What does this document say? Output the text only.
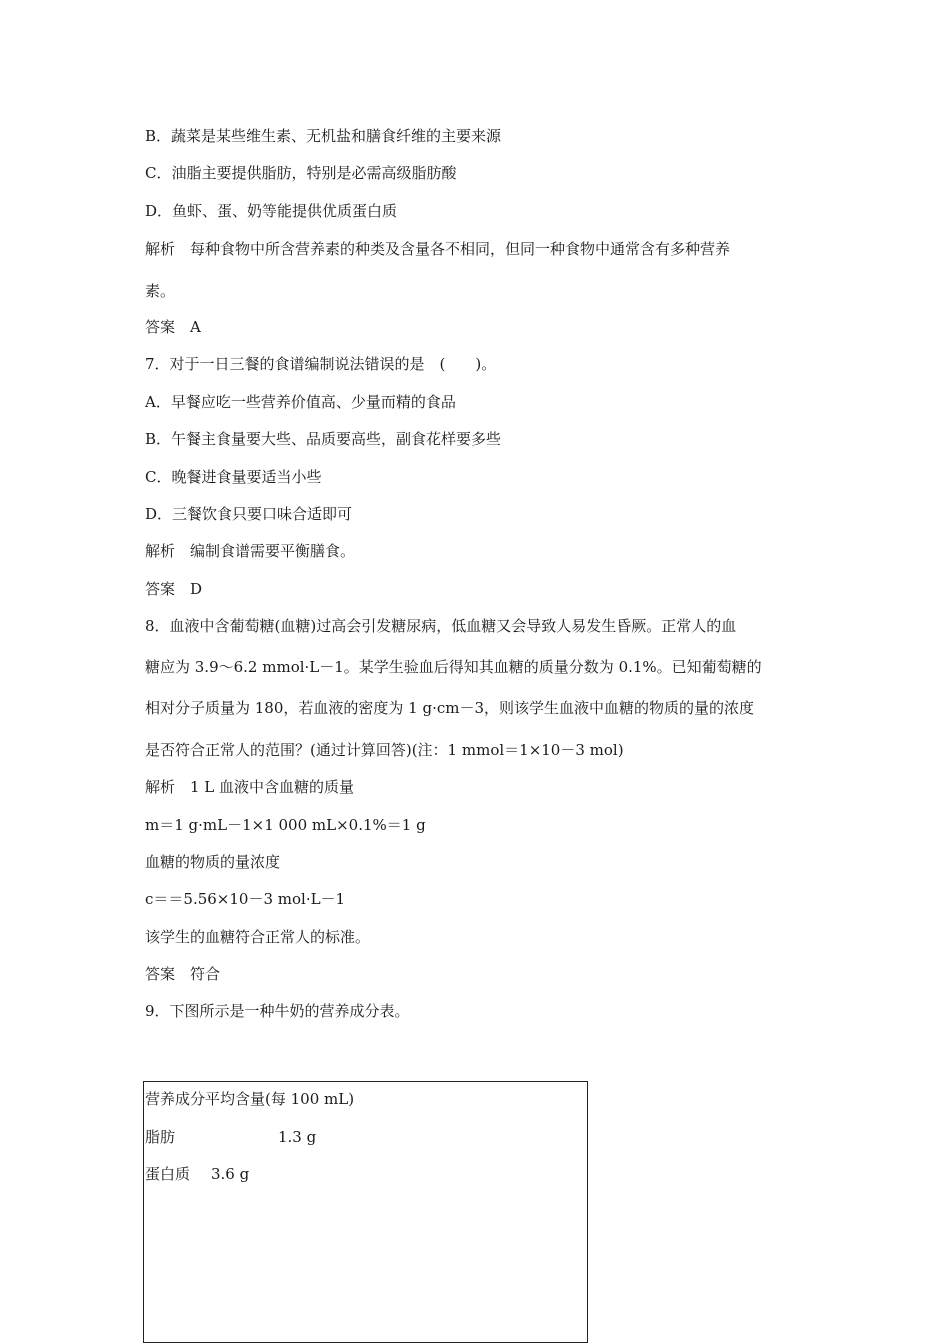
B．蔬菜是某些维生素、无机盐和膳食纤维的主要来源
C．油脂主要提供脂肪，特别是必需高级脂肪酸
D．鱼虾、蛋、奶等能提供优质蛋白质
解析　每种食物中所含营养素的种类及含量各不相同，但同一种食物中通常含有多种营养
素。
答案　A
7．对于一日三餐的食谱编制说法错误的是　(　　)。
A．早餐应吃一些营养价值高、少量而精的食品
B．午餐主食量要大些、品质要高些，副食花样要多些
C．晚餐进食量要适当小些
D．三餐饮食只要口味合适即可
解析　编制食谱需要平衡膳食。
答案　D
8．血液中含葡萄糖(血糖)过高会引发糖尿病，低血糖又会导致人易发生昏厥。正常人的血
糖应为 3.9～6.2 mmol·L－1。某学生验血后得知其血糖的质量分数为 0.1%。已知葡萄糖的
相对分子质量为 180，若血液的密度为 1 g·cm－3，则该学生血液中血糖的物质的量的浓度
是否符合正常人的范围？(通过计算回答)(注：1 mmol＝1×10－3 mol)
解析　1 L 血液中含血糖的质量
m＝1 g·mL－1×1 000 mL×0.1%＝1 g
血糖的物质的量浓度
c＝＝5.56×10－3 mol·L－1
该学生的血糖符合正常人的标准。
答案　符合
9．下图所示是一种牛奶的营养成分表。
营养成分平均含量(每 100 mL)
脂肪	1.3 g
蛋白质 3.6 g
